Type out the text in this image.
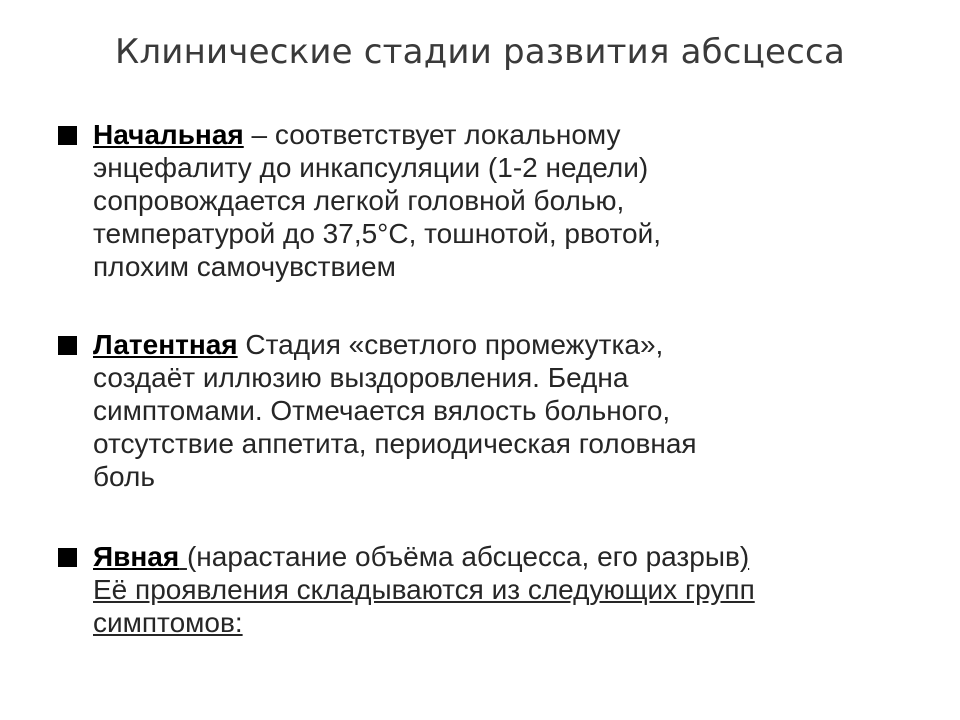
Клинические стадии развития абсцесса
Начальная – соответствует локальному
энцефалиту до инкапсуляции (1-2 недели)
сопровождается легкой головной болью,
температурой до 37,5°С, тошнотой, рвотой,
плохим самочувствием
Латентная Стадия «светлого промежутка»,
создаёт иллюзию выздоровления. Бедна
симптомами. Отмечается вялость больного,
отсутствие аппетита, периодическая головная
боль
Явная (нарастание объёма абсцесса, его разрыв)
Её проявления складываются из следующих групп
симптомов:
